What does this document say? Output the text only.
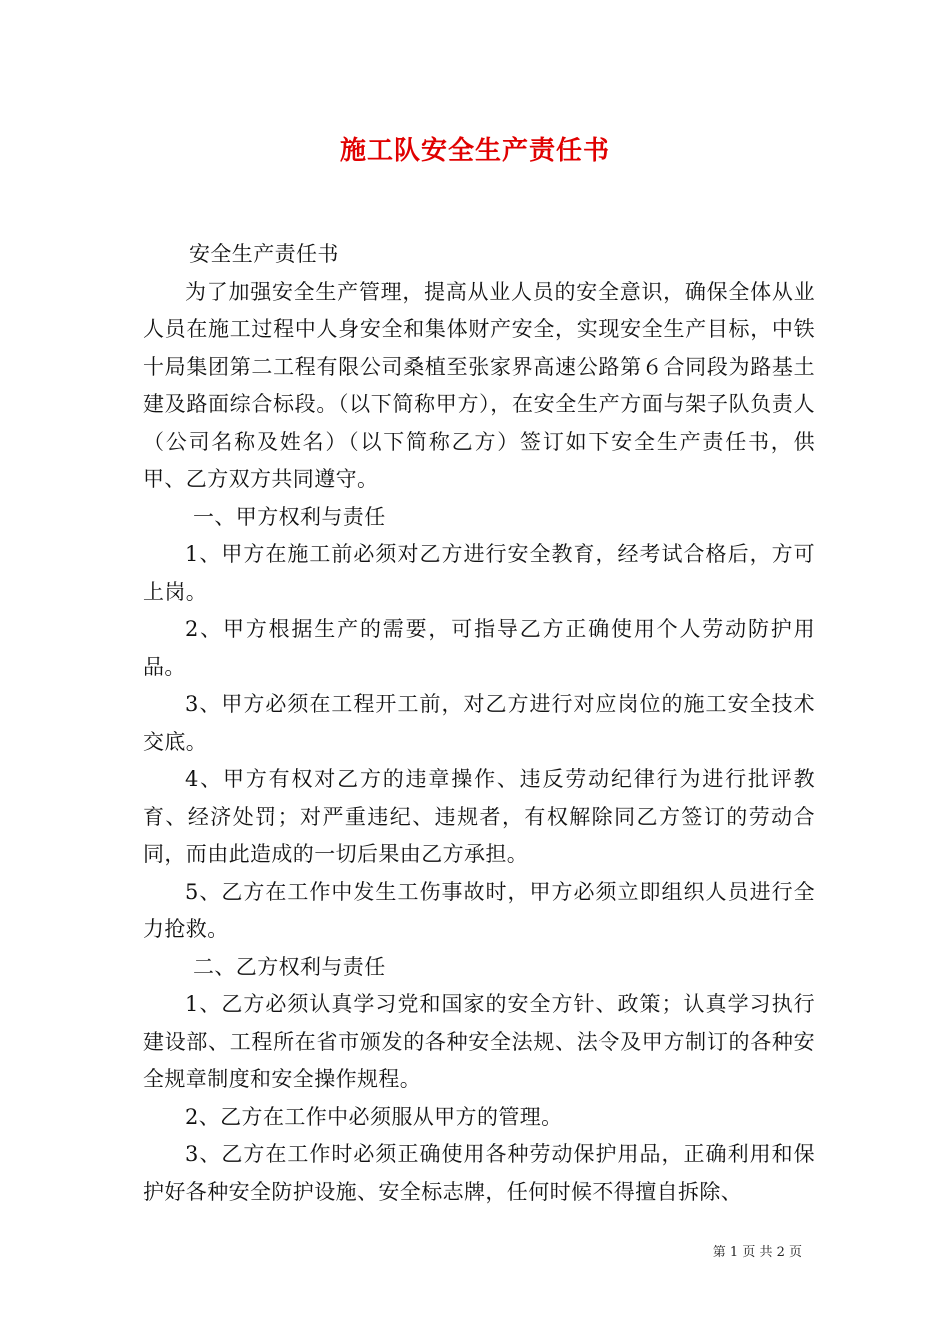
施工队安全生产责任书

安全生产责任书

为了加强安全生产管理，提高从业人员的安全意识，确保全体从业人员在施工过程中人身安全和集体财产安全，实现安全生产目标，中铁十局集团第二工程有限公司桑植至张家界高速公路第６合同段为路基土建及路面综合标段。（以下简称甲方），在安全生产方面与架子队负责人（公司名称及姓名）（以下简称乙方）签订如下安全生产责任书，供甲、乙方双方共同遵守。

一、甲方权利与责任

1、甲方在施工前必须对乙方进行安全教育，经考试合格后，方可上岗。

2、甲方根据生产的需要，可指导乙方正确使用个人劳动防护用品。

3、甲方必须在工程开工前，对乙方进行对应岗位的施工安全技术交底。

4、甲方有权对乙方的违章操作、违反劳动纪律行为进行批评教育、经济处罚；对严重违纪、违规者，有权解除同乙方签订的劳动合同，而由此造成的一切后果由乙方承担。

5、乙方在工作中发生工伤事故时，甲方必须立即组织人员进行全力抢救。

二、乙方权利与责任

1、乙方必须认真学习党和国家的安全方针、政策；认真学习执行建设部、工程所在省市颁发的各种安全法规、法令及甲方制订的各种安全规章制度和安全操作规程。

2、乙方在工作中必须服从甲方的管理。

3、乙方在工作时必须正确使用各种劳动保护用品，正确利用和保护好各种安全防护设施、安全标志牌，任何时候不得擅自拆除、

第 1 页 共 2 页
